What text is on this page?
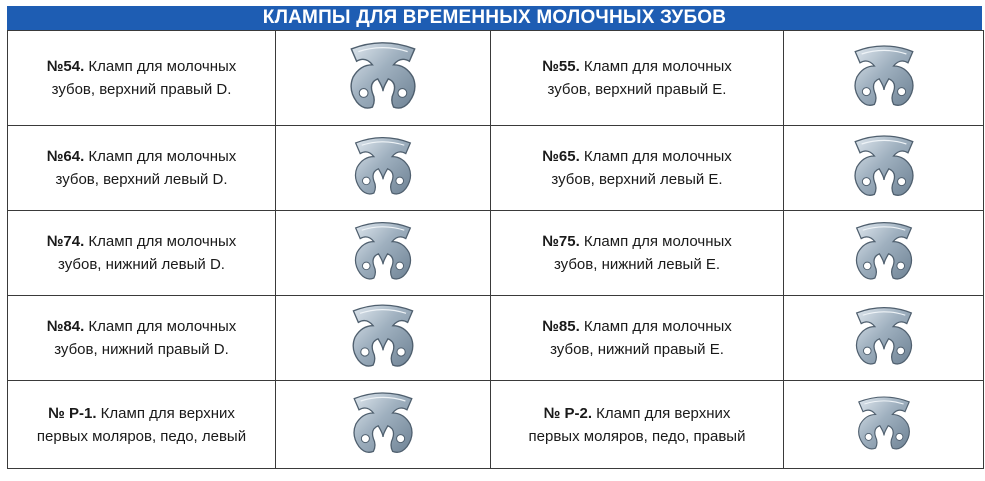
КЛАМПЫ ДЛЯ ВРЕМЕННЫХ МОЛОЧНЫХ ЗУБОВ
№54. Кламп для молочных
зубов, верхний правый D.		№55. Кламп для молочных
зубов, верхний правый E.	

№64. Кламп для молочных
зубов, верхний левый D.		№65. Кламп для молочных
зубов, верхний левый E.	

№74. Кламп для молочных
зубов, нижний левый D.		№75. Кламп для молочных
зубов, нижний левый E.	

№84. Кламп для молочных
зубов, нижний правый D.		№85. Кламп для молочных
зубов, нижний правый E.	

№ P-1. Кламп для верхних
первых моляров, педо, левый		№ P-2. Кламп для верхних
первых моляров, педо, правый	
